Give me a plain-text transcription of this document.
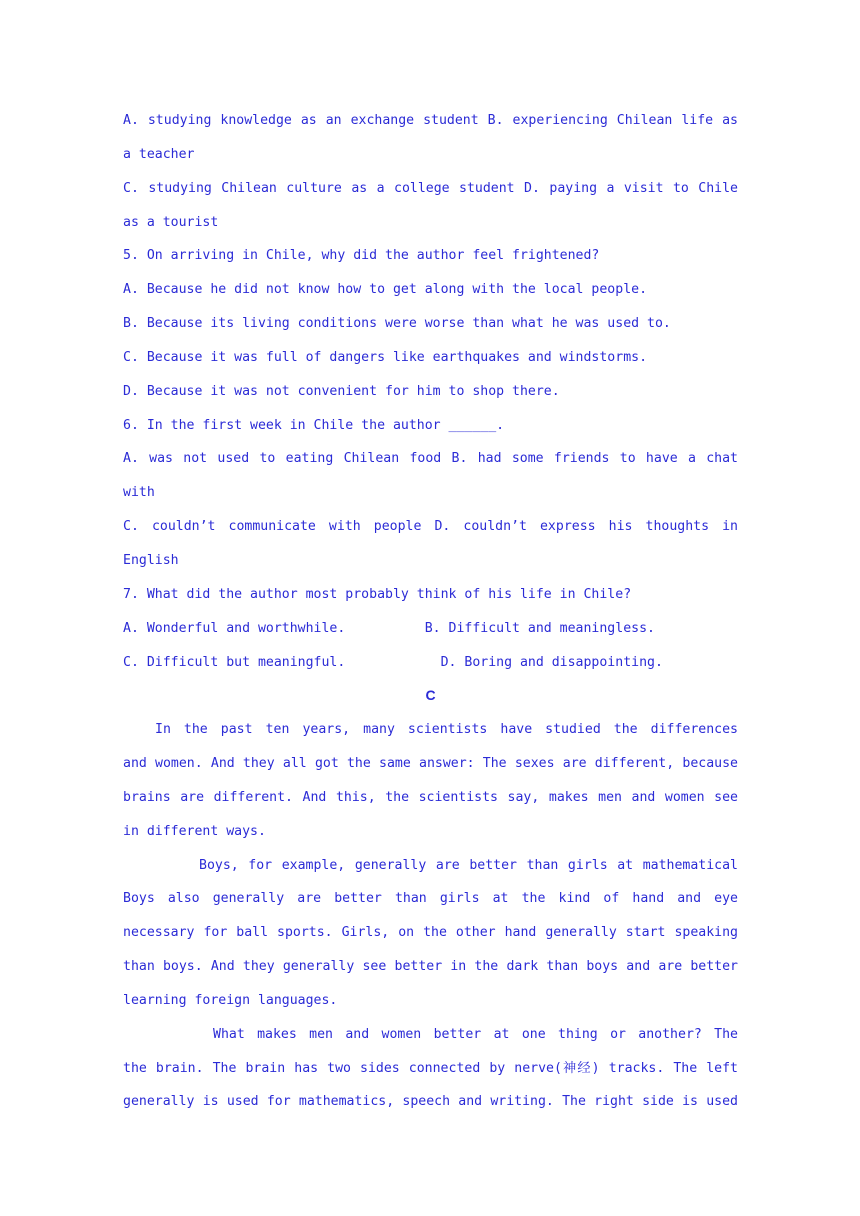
A. studying knowledge as an exchange student B. experiencing Chilean life as
a teacher
C. studying Chilean culture as a college student D. paying a visit to Chile
as a tourist
5. On arriving in Chile, why did the author feel frightened?
A. Because he did not know how to get along with the local people.
B. Because its living conditions were worse than what he was used to.
C. Because it was full of dangers like earthquakes and windstorms.
D. Because it was not convenient for him to shop there.
6. In the first week in Chile the author ______.
A. was not used to eating Chilean food B. had some friends to have a chat
with
C. couldn’t communicate with people D. couldn’t express his thoughts in
English
7. What did the author most probably think of his life in Chile?
A. Wonderful and worthwhile.          B. Difficult and meaningless.
C. Difficult but meaningful.            D. Boring and disappointing.
C
In the past ten years, many scientists have studied the differences
and women. And they all got the same answer: The sexes are different, because
brains are different. And this, the scientists say, makes men and women see
in different ways.
Boys, for example, generally are better than girls at mathematical
Boys also generally are better than girls at the kind of hand and eye
necessary for ball sports. Girls, on the other hand generally start speaking
than boys. And they generally see better in the dark than boys and are better
learning foreign languages.
What makes men and women better at one thing or another? The
the brain. The brain has two sides connected by nerve(神经) tracks. The left
generally is used for mathematics, speech and writing. The right side is used
